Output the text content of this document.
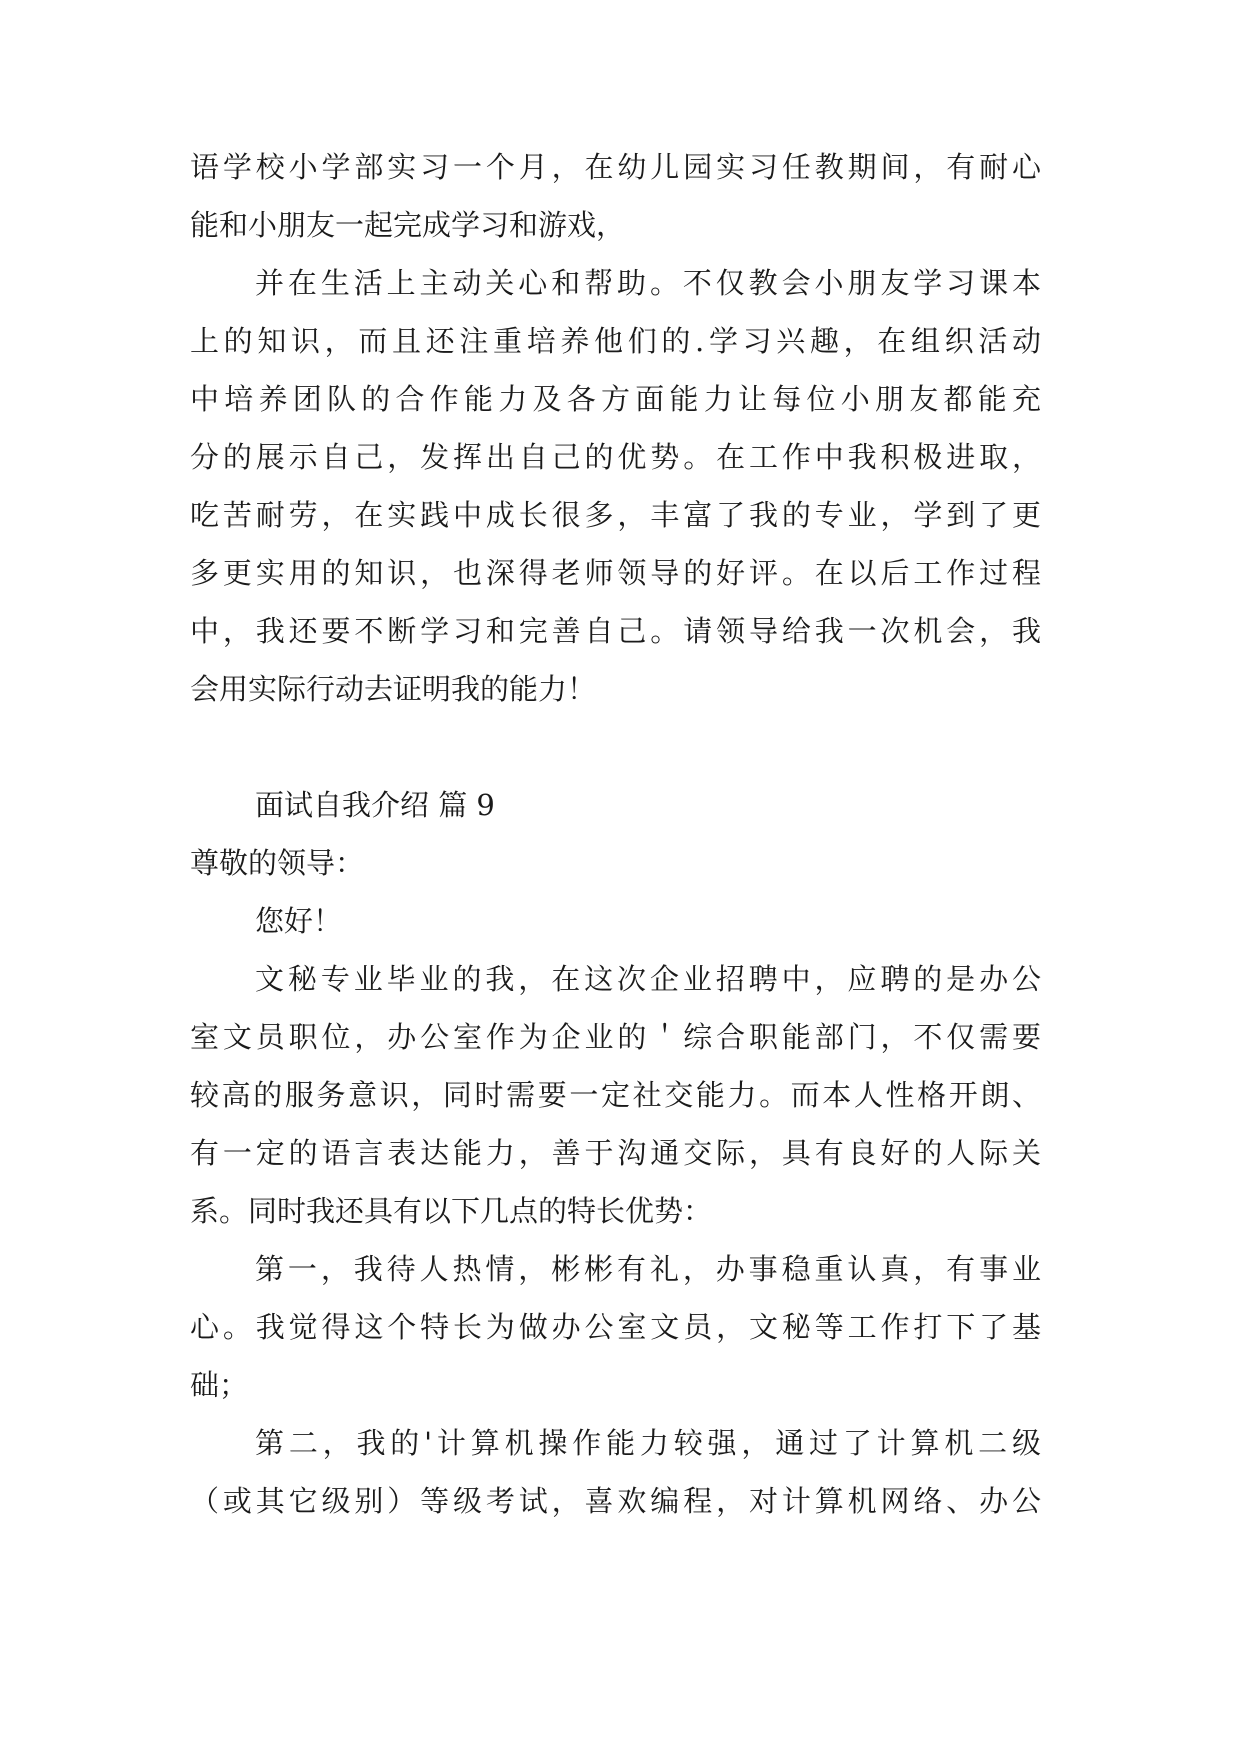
语学校小学部实习一个月，在幼儿园实习任教期间，有耐心
能和小朋友一起完成学习和游戏，
并在生活上主动关心和帮助。不仅教会小朋友学习课本
上的知识，而且还注重培养他们的.学习兴趣，在组织活动
中培养团队的合作能力及各方面能力让每位小朋友都能充
分的展示自己，发挥出自己的优势。在工作中我积极进取，
吃苦耐劳，在实践中成长很多，丰富了我的专业，学到了更
多更实用的知识，也深得老师领导的好评。在以后工作过程
中，我还要不断学习和完善自己。请领导给我一次机会，我
会用实际行动去证明我的能力！
面试自我介绍 篇 9
尊敬的领导：
您好！
文秘专业毕业的我，在这次企业招聘中，应聘的是办公
室文员职位，办公室作为企业的＇综合职能部门，不仅需要
较高的服务意识，同时需要一定社交能力。而本人性格开朗、
有一定的语言表达能力，善于沟通交际，具有良好的人际关
系。同时我还具有以下几点的特长优势：
第一，我待人热情，彬彬有礼，办事稳重认真，有事业
心。我觉得这个特长为做办公室文员，文秘等工作打下了基
础；
第二，我的'计算机操作能力较强，通过了计算机二级
（或其它级别）等级考试，喜欢编程，对计算机网络、办公
